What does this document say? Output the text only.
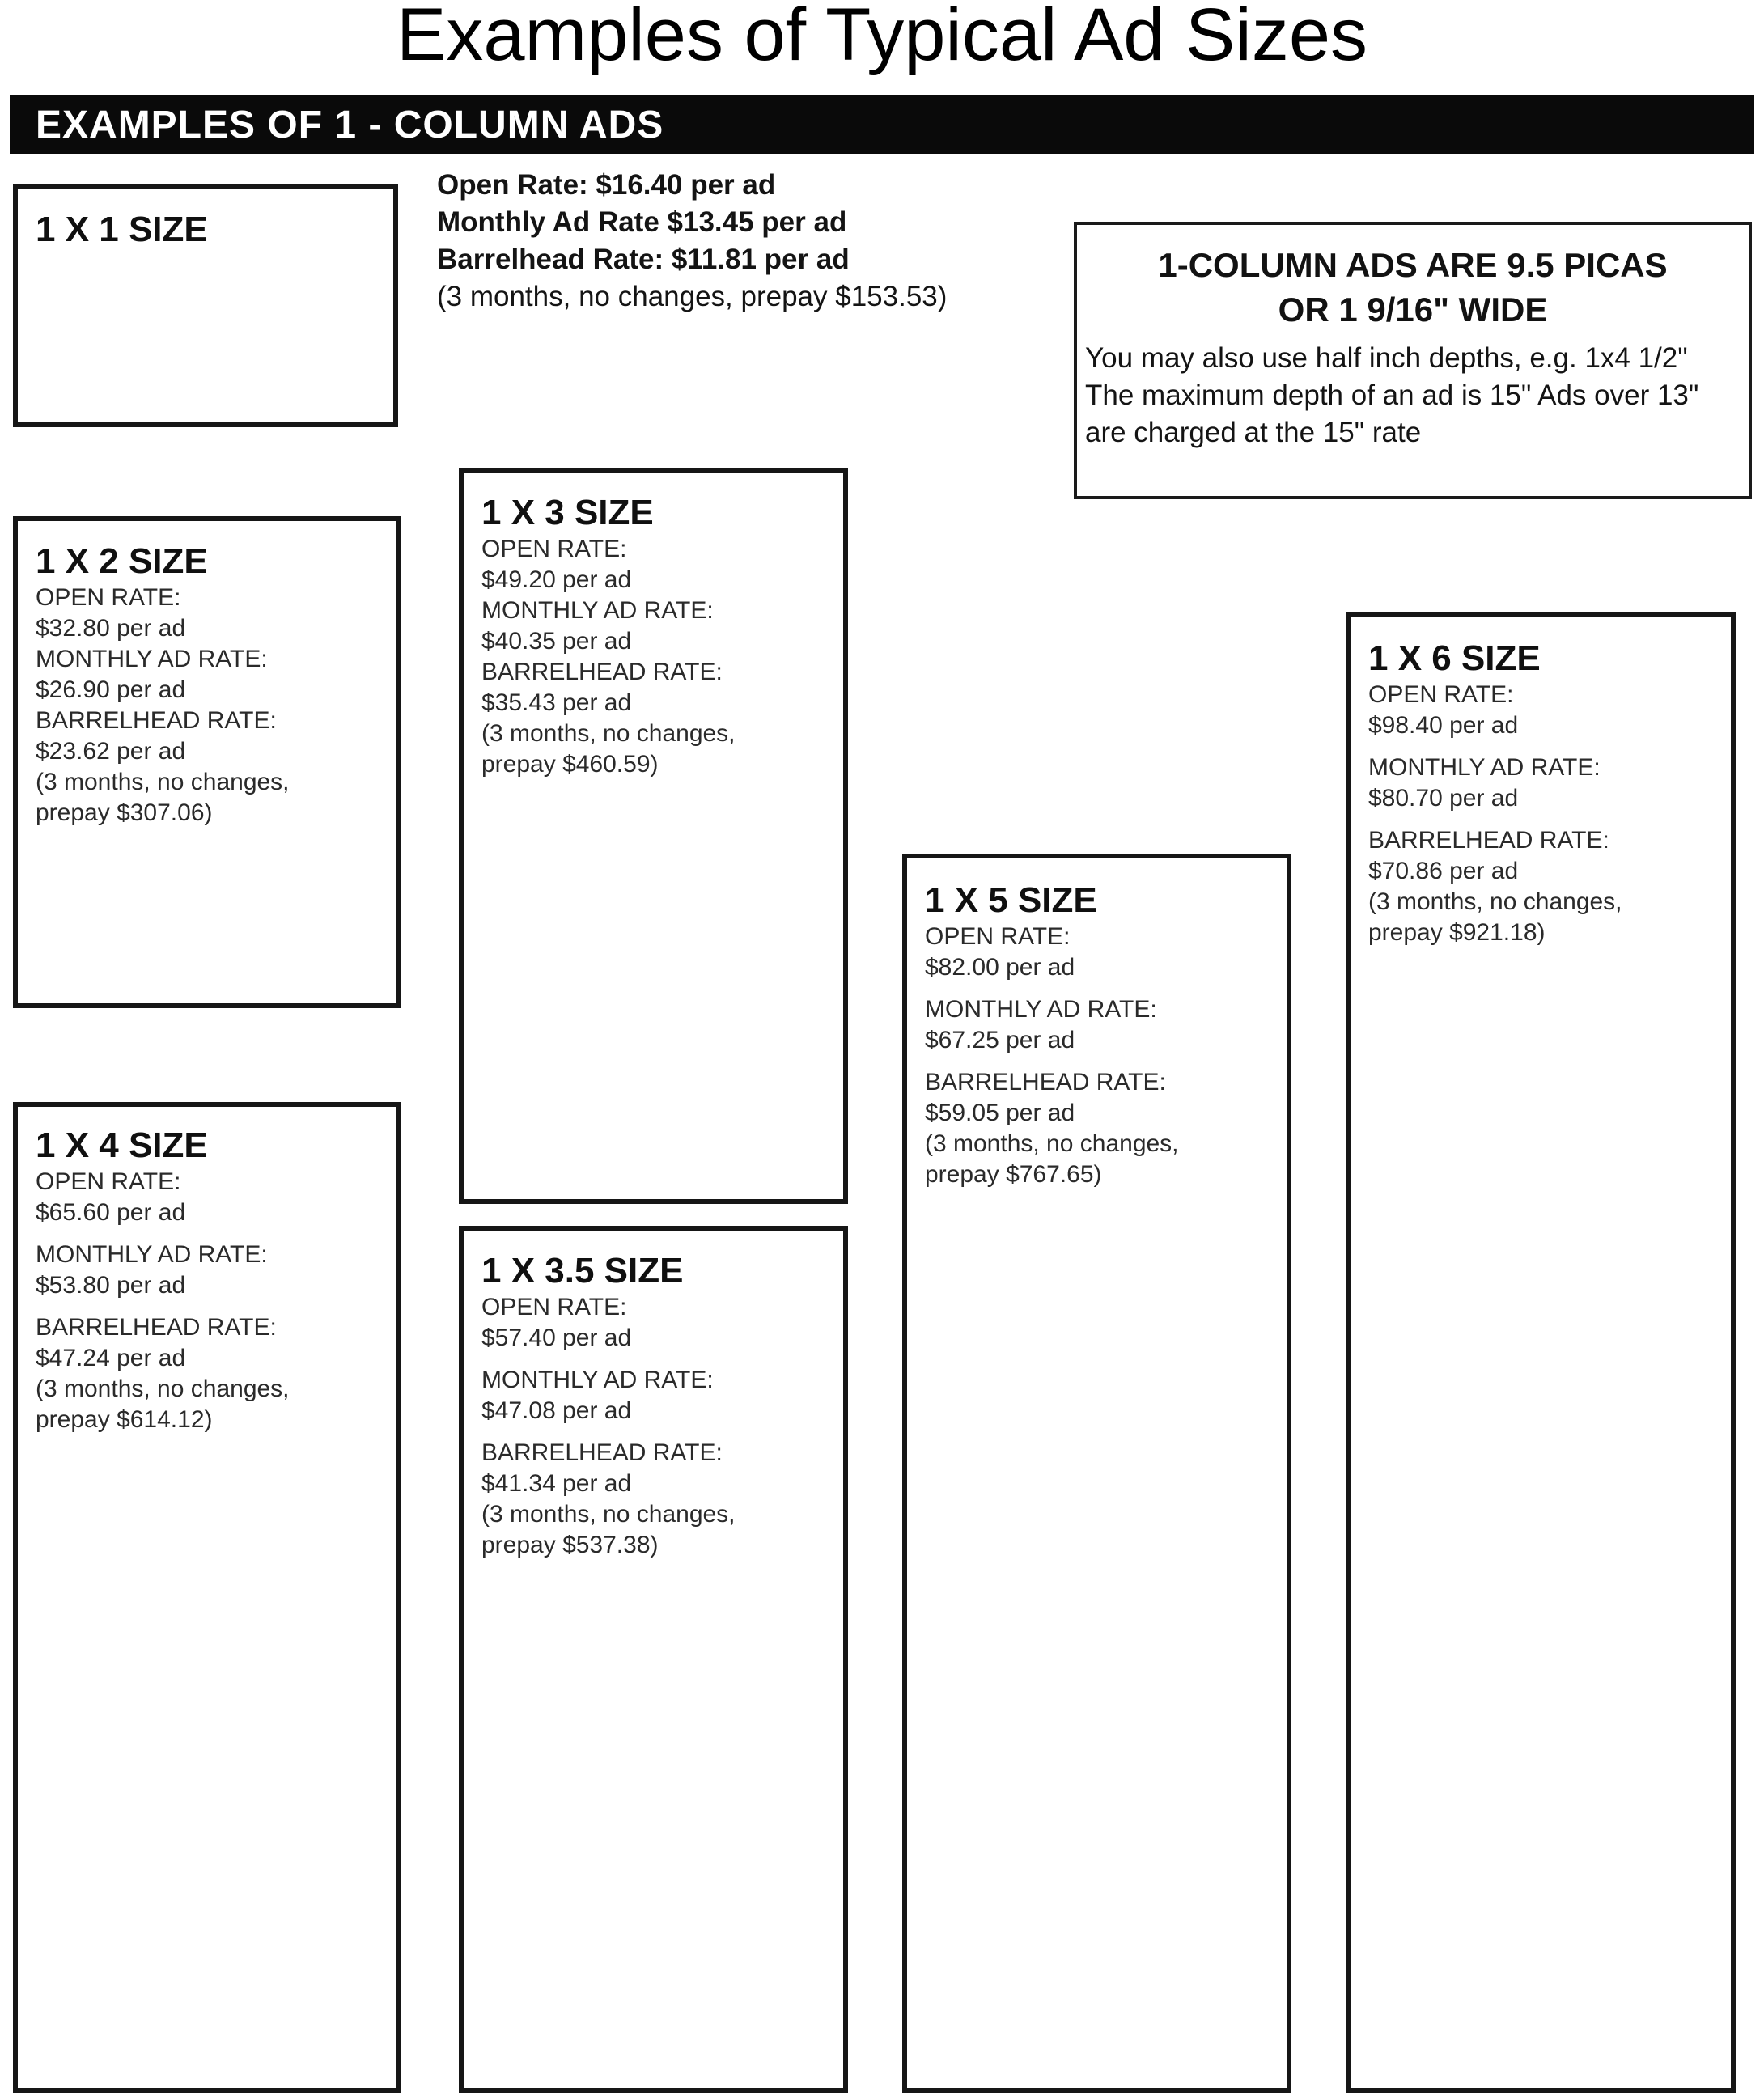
Examples of Typical Ad Sizes
EXAMPLES OF 1 - COLUMN ADS
Open Rate: $16.40 per ad
Monthly Ad Rate $13.45 per ad
Barrelhead Rate: $11.81 per ad
(3 months, no changes, prepay $153.53)
1-COLUMN ADS ARE 9.5 PICAS
OR 1 9/16" WIDE
You may also use half inch depths, e.g. 1x4 1/2"
The maximum depth of an ad is 15" Ads over 13"
are charged at the 15" rate
1 X 1 SIZE
1 X 2 SIZE
OPEN RATE:
$32.80 per ad
MONTHLY AD RATE:
$26.90 per ad
BARRELHEAD RATE:
$23.62 per ad
(3 months, no changes,
prepay $307.06)
1 X 3 SIZE
OPEN RATE:
$49.20 per ad
MONTHLY AD RATE:
$40.35 per ad
BARRELHEAD RATE:
$35.43 per ad
(3 months, no changes,
prepay $460.59)
1 X 4 SIZE
OPEN RATE:
$65.60 per ad
MONTHLY AD RATE:
$53.80 per ad
BARRELHEAD RATE:
$47.24 per ad
(3 months, no changes,
prepay $614.12)
1 X 3.5 SIZE
OPEN RATE:
$57.40 per ad
MONTHLY AD RATE:
$47.08 per ad
BARRELHEAD RATE:
$41.34 per ad
(3 months, no changes,
prepay $537.38)
1 X 5 SIZE
OPEN RATE:
$82.00 per ad
MONTHLY AD RATE:
$67.25 per ad
BARRELHEAD RATE:
$59.05 per ad
(3 months, no changes,
prepay $767.65)
1 X 6 SIZE
OPEN RATE:
$98.40 per ad
MONTHLY AD RATE:
$80.70 per ad
BARRELHEAD RATE:
$70.86 per ad
(3 months, no changes,
prepay $921.18)
